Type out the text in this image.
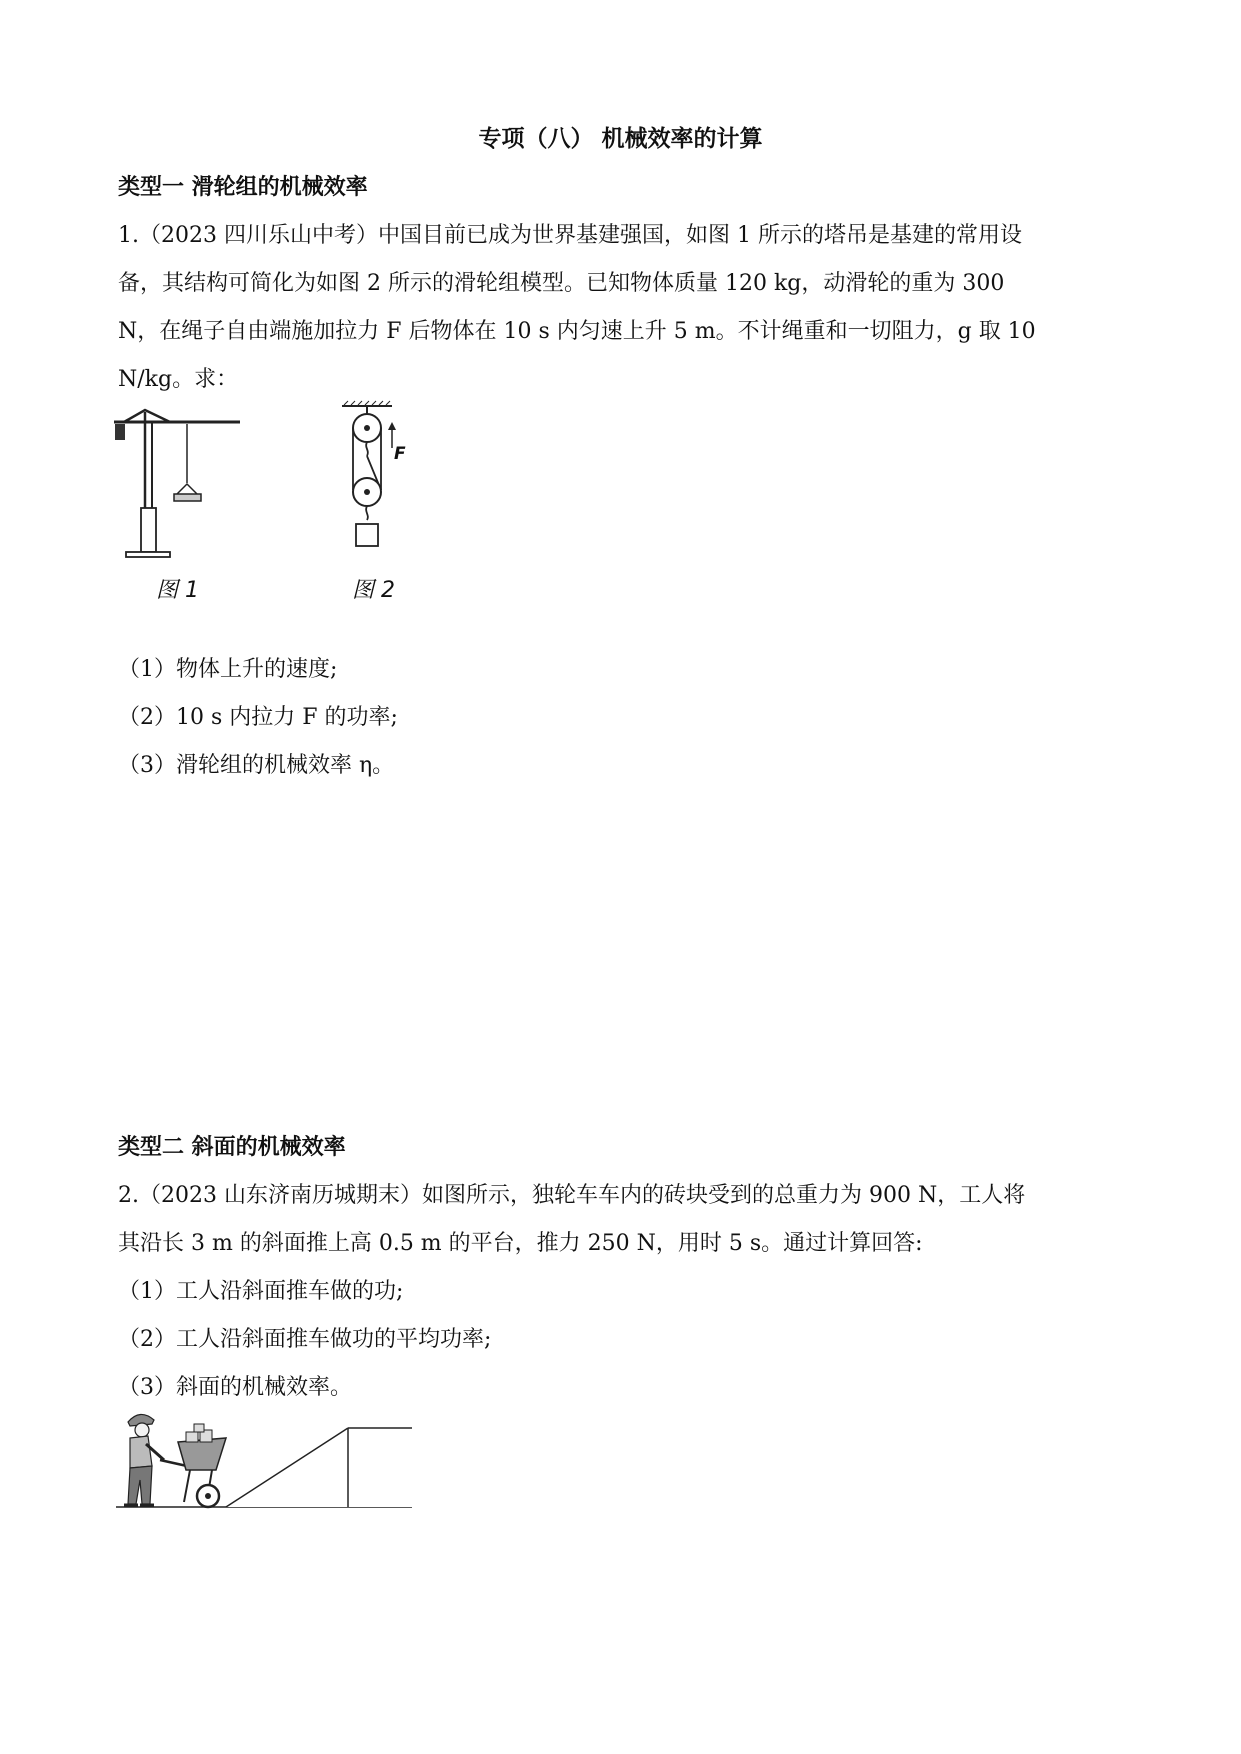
专项（八） 机械效率的计算
类型一 滑轮组的机械效率
1.（2023 四川乐山中考）中国目前已成为世界基建强国，如图 1 所示的塔吊是基建的常用设
备，其结构可简化为如图 2 所示的滑轮组模型。已知物体质量 120 kg，动滑轮的重为 300
N，在绳子自由端施加拉力 F 后物体在 10 s 内匀速上升 5 m。不计绳重和一切阻力，g 取 10
N/kg。求：
图 1
F
图 2
（1）物体上升的速度;
（2）10 s 内拉力 F 的功率;
（3）滑轮组的机械效率 η。
类型二 斜面的机械效率
2.（2023 山东济南历城期末）如图所示，独轮车车内的砖块受到的总重力为 900 N，工人将
其沿长 3 m 的斜面推上高 0.5 m 的平台，推力 250 N，用时 5 s。通过计算回答:
（1）工人沿斜面推车做的功;
（2）工人沿斜面推车做功的平均功率;
（3）斜面的机械效率。
